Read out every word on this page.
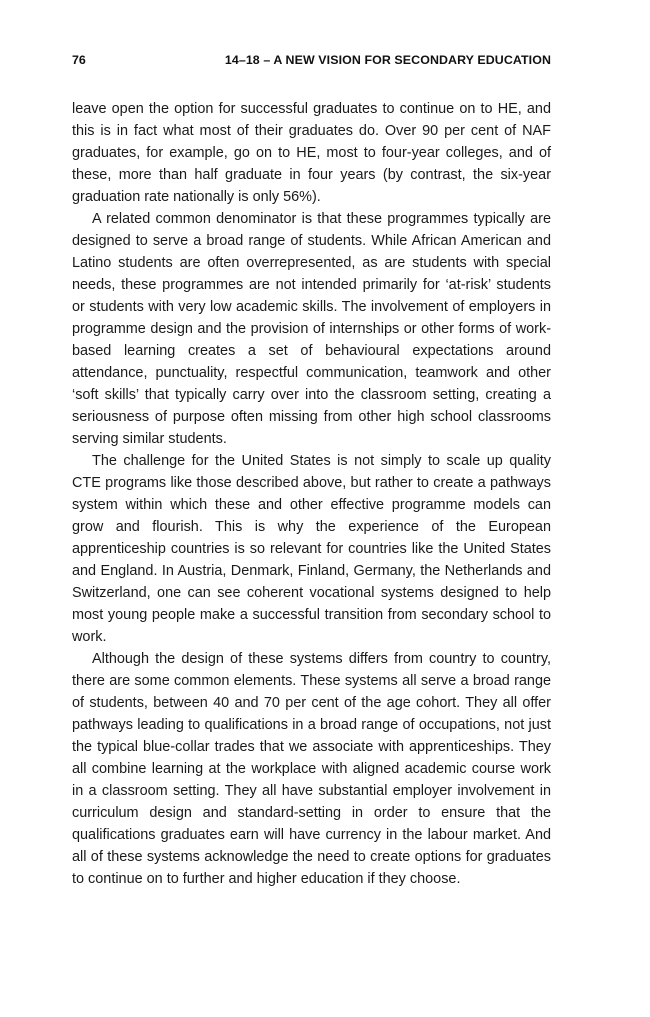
76	14–18 – A NEW VISION FOR SECONDARY EDUCATION

leave open the option for successful graduates to continue on to HE, and this is in fact what most of their graduates do. Over 90 per cent of NAF graduates, for example, go on to HE, most to four-year colleges, and of these, more than half graduate in four years (by contrast, the six-year graduation rate nationally is only 56%).

A related common denominator is that these programmes typically are designed to serve a broad range of students. While African American and Latino students are often overrepresented, as are students with special needs, these programmes are not intended primarily for ‘at-risk’ students or students with very low academic skills. The involvement of employers in programme design and the provision of internships or other forms of work-based learning creates a set of behavioural expectations around attendance, punctuality, respectful communication, teamwork and other ‘soft skills’ that typically carry over into the classroom setting, creating a seriousness of purpose often missing from other high school classrooms serving similar students.

The challenge for the United States is not simply to scale up quality CTE programs like those described above, but rather to create a pathways system within which these and other effective programme models can grow and flourish. This is why the experience of the European apprenticeship countries is so relevant for countries like the United States and England. In Austria, Denmark, Finland, Germany, the Netherlands and Switzerland, one can see coherent vocational systems designed to help most young people make a successful transition from secondary school to work.

Although the design of these systems differs from country to country, there are some common elements. These systems all serve a broad range of students, between 40 and 70 per cent of the age cohort. They all offer pathways leading to qualifications in a broad range of occupations, not just the typical blue-collar trades that we associate with apprenticeships. They all combine learning at the workplace with aligned academic course work in a classroom setting. They all have substantial employer involvement in curriculum design and standard-setting in order to ensure that the qualifications graduates earn will have currency in the labour market. And all of these systems acknowledge the need to create options for graduates to continue on to further and higher education if they choose.
